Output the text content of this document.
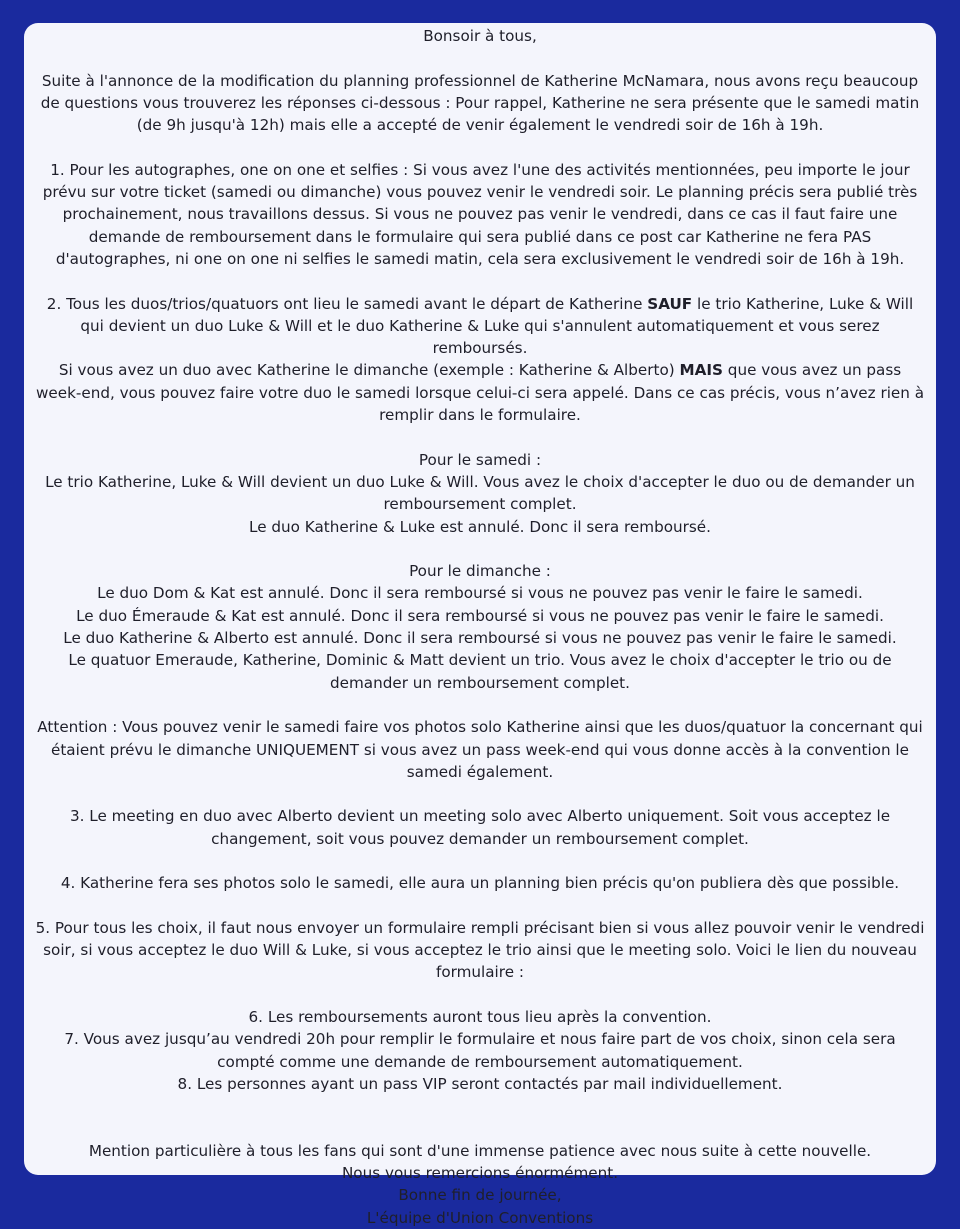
Bonsoir à tous,

Suite à l'annonce de la modification du planning professionnel de Katherine McNamara, nous avons reçu beaucoup de questions vous trouverez les réponses ci-dessous : Pour rappel, Katherine ne sera présente que le samedi matin (de 9h jusqu'à 12h) mais elle a accepté de venir également le vendredi soir de 16h à 19h.

1. Pour les autographes, one on one et selfies : Si vous avez l'une des activités mentionnées, peu importe le jour prévu sur votre ticket (samedi ou dimanche) vous pouvez venir le vendredi soir. Le planning précis sera publié très prochainement, nous travaillons dessus. Si vous ne pouvez pas venir le vendredi, dans ce cas il faut faire une demande de remboursement dans le formulaire qui sera publié dans ce post car Katherine ne fera PAS d'autographes, ni one on one ni selfies le samedi matin, cela sera exclusivement le vendredi soir de 16h à 19h.

2. Tous les duos/trios/quatuors ont lieu le samedi avant le départ de Katherine SAUF le trio Katherine, Luke & Will qui devient un duo Luke & Will et le duo Katherine & Luke qui s'annulent automatiquement et vous serez remboursés.

Si vous avez un duo avec Katherine le dimanche (exemple : Katherine & Alberto) MAIS que vous avez un pass week-end, vous pouvez faire votre duo le samedi lorsque celui-ci sera appelé. Dans ce cas précis, vous n’avez rien à remplir dans le formulaire.

Pour le samedi :

Le trio Katherine, Luke & Will devient un duo Luke & Will. Vous avez le choix d'accepter le duo ou de demander un remboursement complet.

Le duo Katherine & Luke est annulé. Donc il sera remboursé.

Pour le dimanche :

Le duo Dom & Kat est annulé. Donc il sera remboursé si vous ne pouvez pas venir le faire le samedi.

Le duo Émeraude & Kat est annulé. Donc il sera remboursé si vous ne pouvez pas venir le faire le samedi.

Le duo Katherine & Alberto est annulé. Donc il sera remboursé si vous ne pouvez pas venir le faire le samedi.

Le quatuor Emeraude, Katherine, Dominic & Matt devient un trio. Vous avez le choix d'accepter le trio ou de demander un remboursement complet.

Attention : Vous pouvez venir le samedi faire vos photos solo Katherine ainsi que les duos/quatuor la concernant qui étaient prévu le dimanche UNIQUEMENT si vous avez un pass week-end qui vous donne accès à la convention le samedi également.

3. Le meeting en duo avec Alberto devient un meeting solo avec Alberto uniquement. Soit vous acceptez le changement, soit vous pouvez demander un remboursement complet.

4. Katherine fera ses photos solo le samedi, elle aura un planning bien précis qu'on publiera dès que possible.

5. Pour tous les choix, il faut nous envoyer un formulaire rempli précisant bien si vous allez pouvoir venir le vendredi soir, si vous acceptez le duo Will & Luke, si vous acceptez le trio ainsi que le meeting solo. Voici le lien du nouveau formulaire :

6. Les remboursements auront tous lieu après la convention.

7. Vous avez jusqu’au vendredi 20h pour remplir le formulaire et nous faire part de vos choix, sinon cela sera compté comme une demande de remboursement automatiquement.

8. Les personnes ayant un pass VIP seront contactés par mail individuellement.

Mention particulière à tous les fans qui sont d'une immense patience avec nous suite à cette nouvelle.

Nous vous remercions énormément.

Bonne fin de journée,

L'équipe d'Union Conventions
